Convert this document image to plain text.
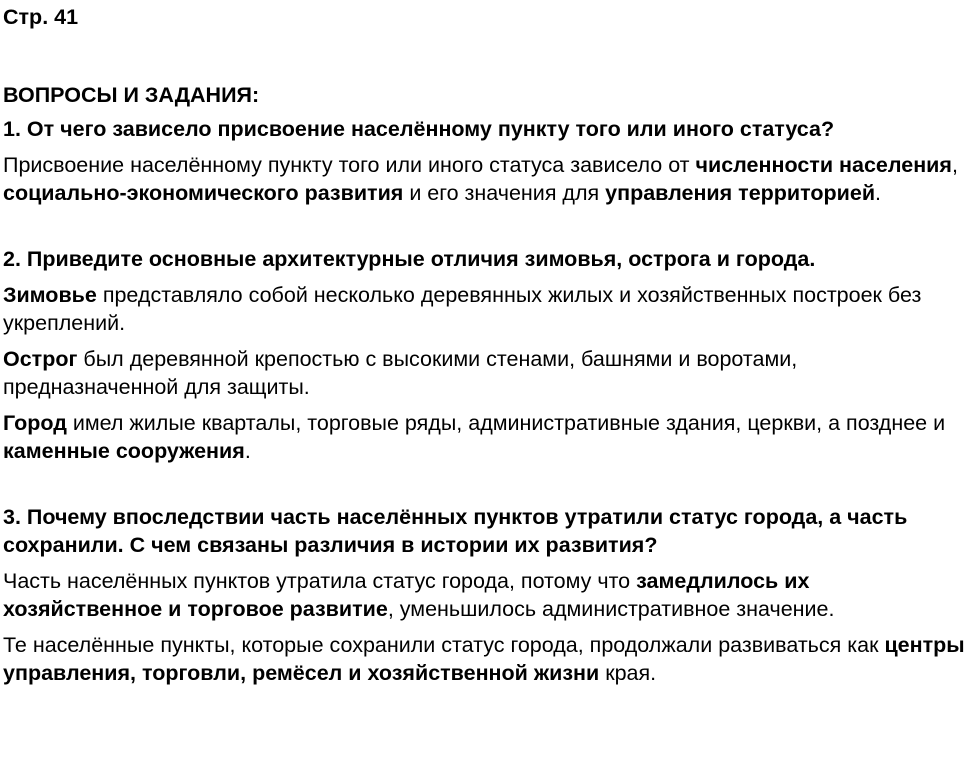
Стр. 41

ВОПРОСЫ И ЗАДАНИЯ:

1. От чего зависело присвоение населённому пункту того или иного статуса?

Присвоение населённому пункту того или иного статуса зависело от численности населения, социально-экономического развития и его значения для управления территорией.

2. Приведите основные архитектурные отличия зимовья, острога и города.

Зимовье представляло собой несколько деревянных жилых и хозяйственных построек без укреплений.

Острог был деревянной крепостью с высокими стенами, башнями и воротами, предназначенной для защиты.

Город имел жилые кварталы, торговые ряды, административные здания, церкви, а позднее и каменные сооружения.

3. Почему впоследствии часть населённых пунктов утратили статус города, а часть сохранили. С чем связаны различия в истории их развития?

Часть населённых пунктов утратила статус города, потому что замедлилось их хозяйственное и торговое развитие, уменьшилось административное значение.

Те населённые пункты, которые сохранили статус города, продолжали развиваться как центры управления, торговли, ремёсел и хозяйственной жизни края.
